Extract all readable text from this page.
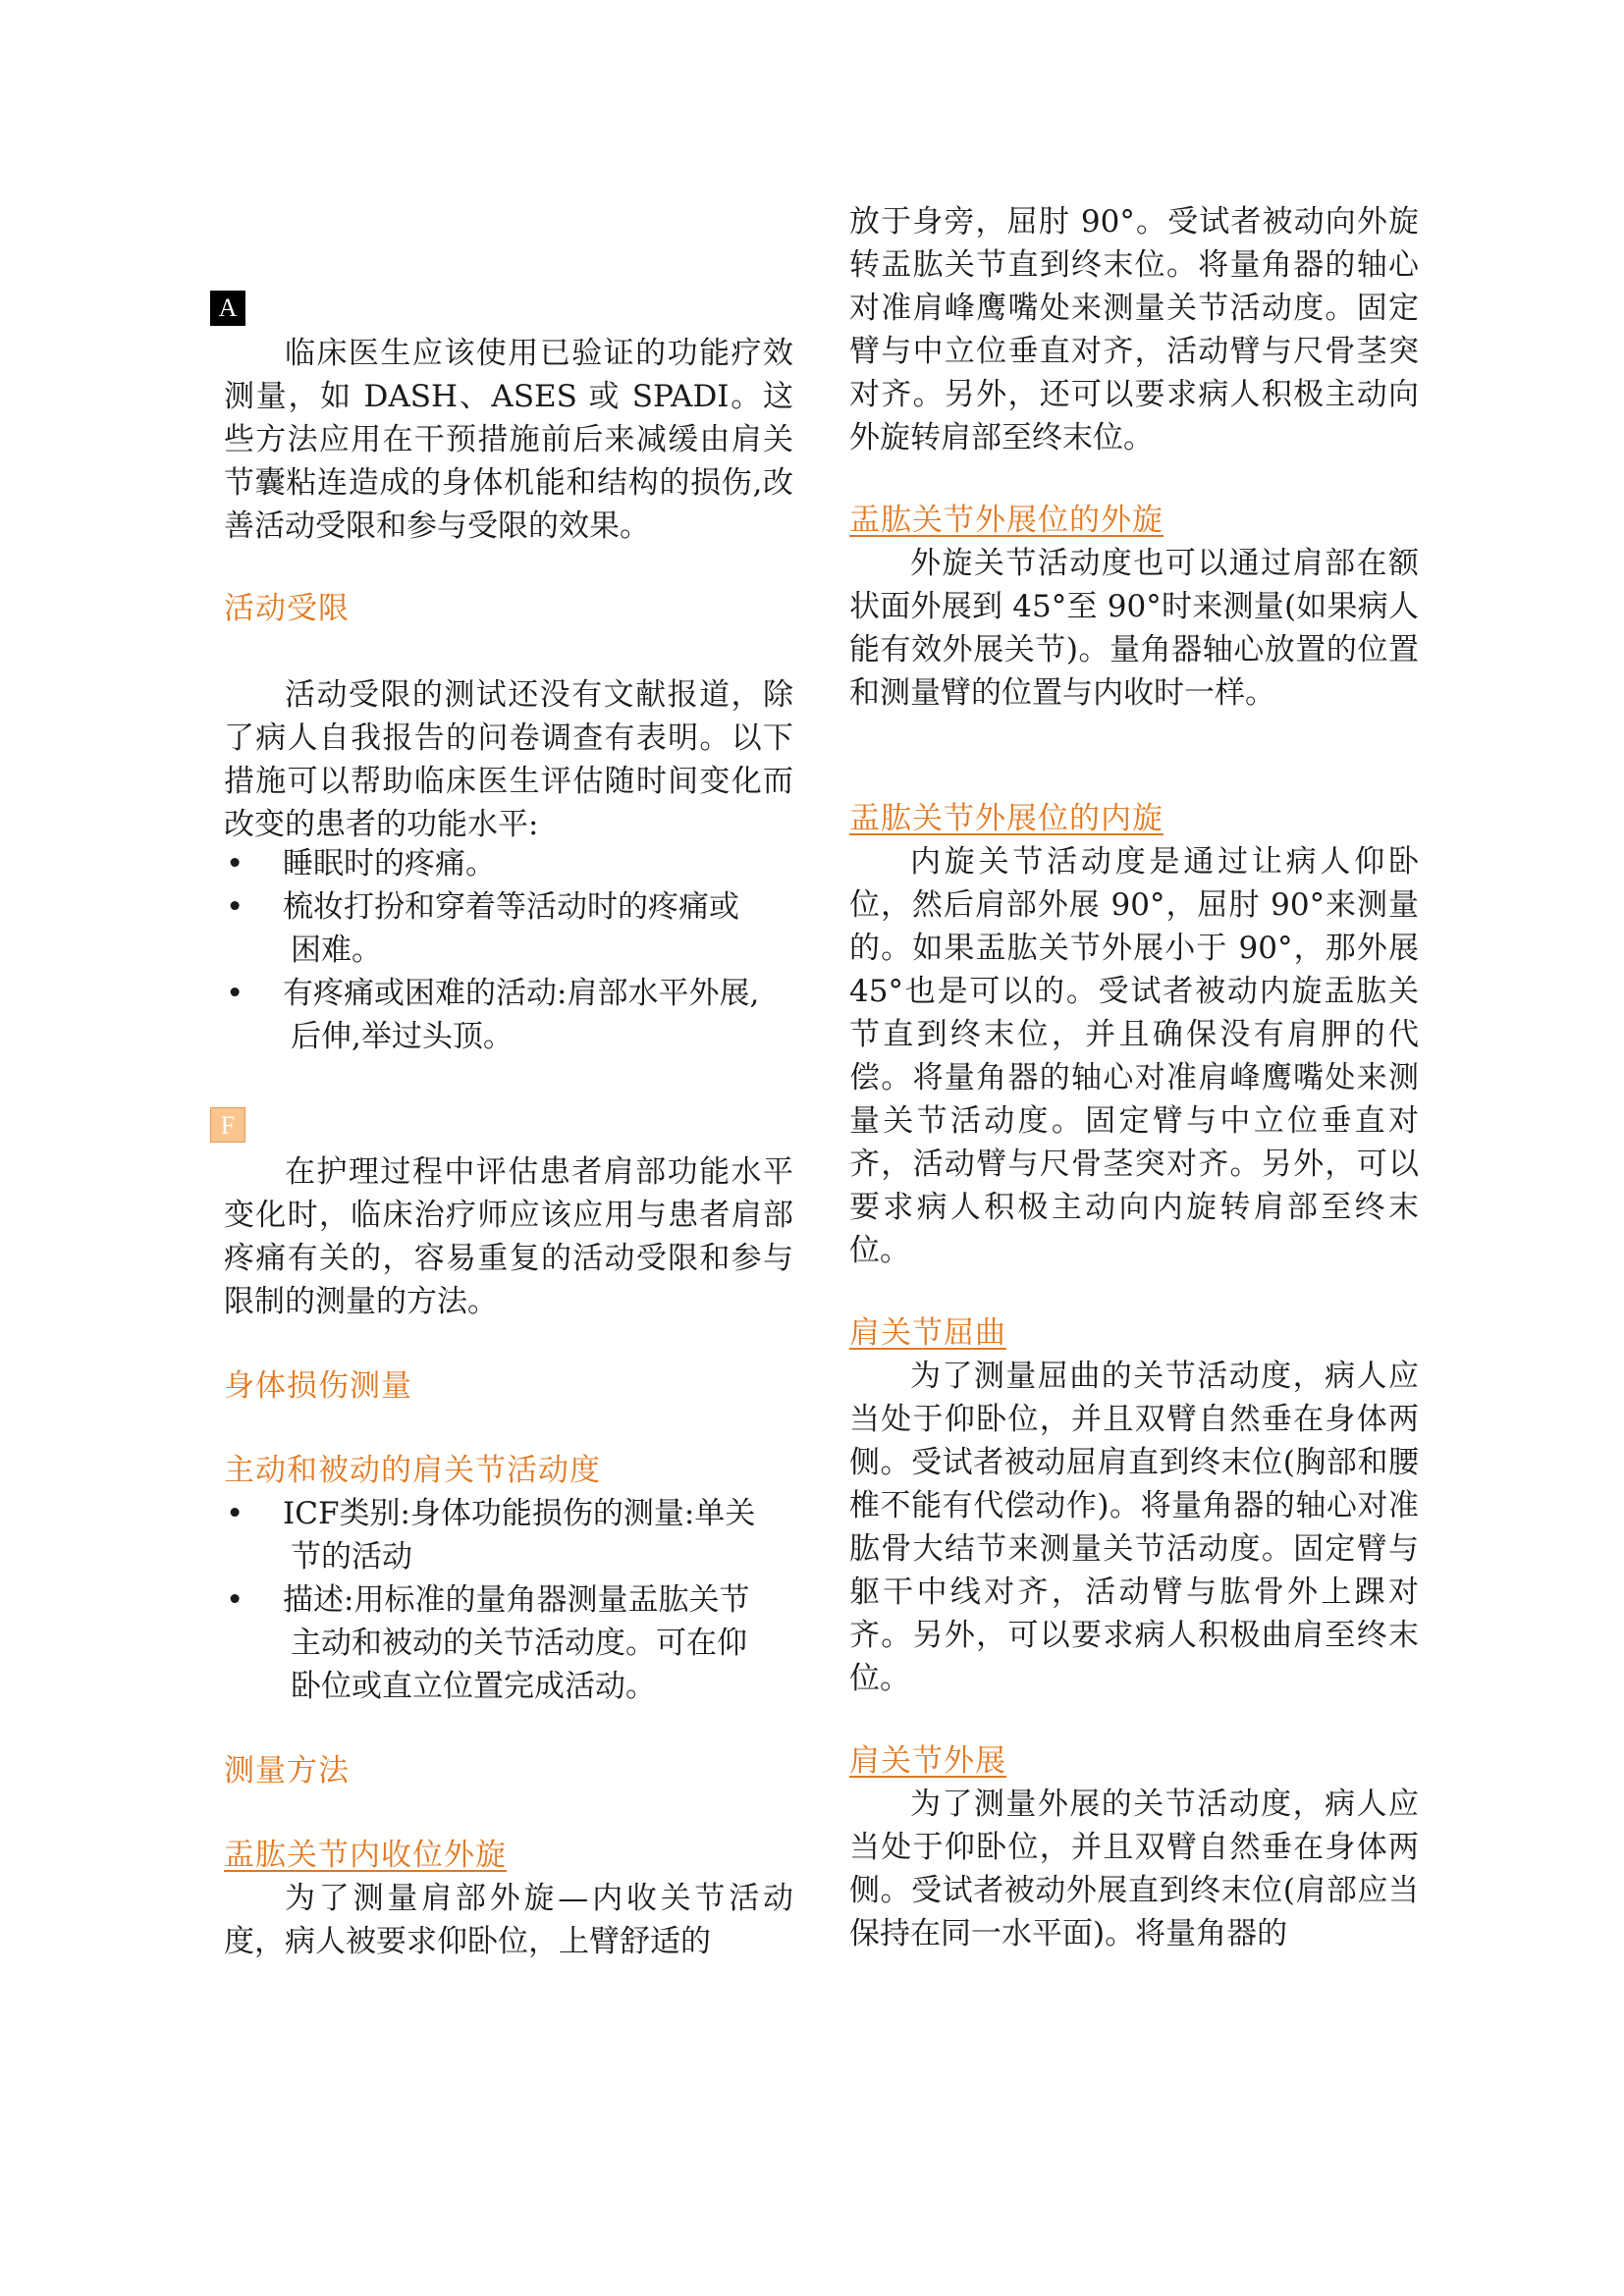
A

临床医生应该使用已验证的功能疗效测量，如 DASH、ASES 或 SPADI。这些方法应用在干预措施前后来减缓由肩关节囊粘连造成的身体机能和结构的损伤,改善活动受限和参与受限的效果。

活动受限

活动受限的测试还没有文献报道，除了病人自我报告的问卷调查有表明。以下措施可以帮助临床医生评估随时间变化而改变的患者的功能水平:

• 睡眠时的疼痛。
• 梳妆打扮和穿着等活动时的疼痛或
困难。
• 有疼痛或困难的活动:肩部水平外展,
后伸,举过头顶。
F

在护理过程中评估患者肩部功能水平变化时，临床治疗师应该应用与患者肩部疼痛有关的，容易重复的活动受限和参与限制的测量的方法。

身体损伤测量
主动和被动的肩关节活动度
• ICF类别:身体功能损伤的测量:单关
节的活动
• 描述:用标准的量角器测量盂肱关节
主动和被动的关节活动度。可在仰
卧位或直立位置完成活动。
测量方法
盂肱关节内收位外旋

为了测量肩部外旋—内收关节活动度，病人被要求仰卧位，上臂舒适的

放于身旁，屈肘 90°。受试者被动向外旋转盂肱关节直到终末位。将量角器的轴心对准肩峰鹰嘴处来测量关节活动度。固定臂与中立位垂直对齐，活动臂与尺骨茎突对齐。另外，还可以要求病人积极主动向外旋转肩部至终末位。

盂肱关节外展位的外旋

外旋关节活动度也可以通过肩部在额状面外展到 45°至 90°时来测量(如果病人能有效外展关节)。量角器轴心放置的位置和测量臂的位置与内收时一样。

盂肱关节外展位的内旋

内旋关节活动度是通过让病人仰卧位，然后肩部外展 90°，屈肘 90°来测量的。如果盂肱关节外展小于 90°，那外展 45°也是可以的。受试者被动内旋盂肱关节直到终末位，并且确保没有肩胛的代偿。将量角器的轴心对准肩峰鹰嘴处来测量关节活动度。固定臂与中立位垂直对齐，活动臂与尺骨茎突对齐。另外，可以要求病人积极主动向内旋转肩部至终末位。

肩关节屈曲

为了测量屈曲的关节活动度，病人应当处于仰卧位，并且双臂自然垂在身体两侧。受试者被动屈肩直到终末位(胸部和腰椎不能有代偿动作)。将量角器的轴心对准肱骨大结节来测量关节活动度。固定臂与躯干中线对齐，活动臂与肱骨外上踝对齐。另外，可以要求病人积极曲肩至终末位。

肩关节外展

为了测量外展的关节活动度，病人应当处于仰卧位，并且双臂自然垂在身体两侧。受试者被动外展直到终末位(肩部应当保持在同一水平面)。将量角器的
